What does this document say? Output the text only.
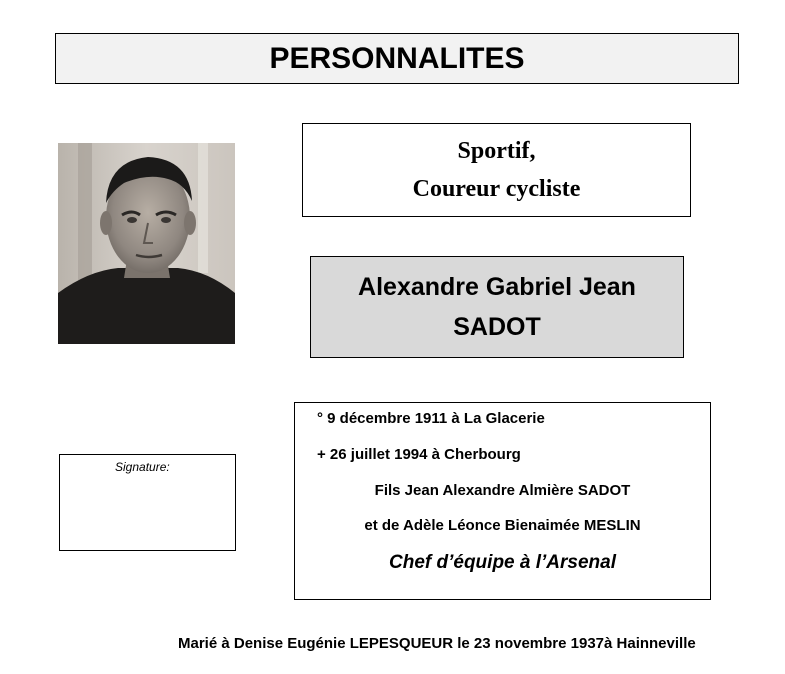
PERSONNALITES
Sportif,
Coureur cycliste
Alexandre Gabriel Jean
SADOT
Signature:
° 9 décembre 1911 à La Glacerie
+ 26 juillet 1994 à Cherbourg
Fils Jean Alexandre Almière SADOT
et de Adèle Léonce Bienaimée MESLIN
Chef d’équipe à l’Arsenal
Marié à Denise Eugénie LEPESQUEUR le 23 novembre 1937à Hainneville
